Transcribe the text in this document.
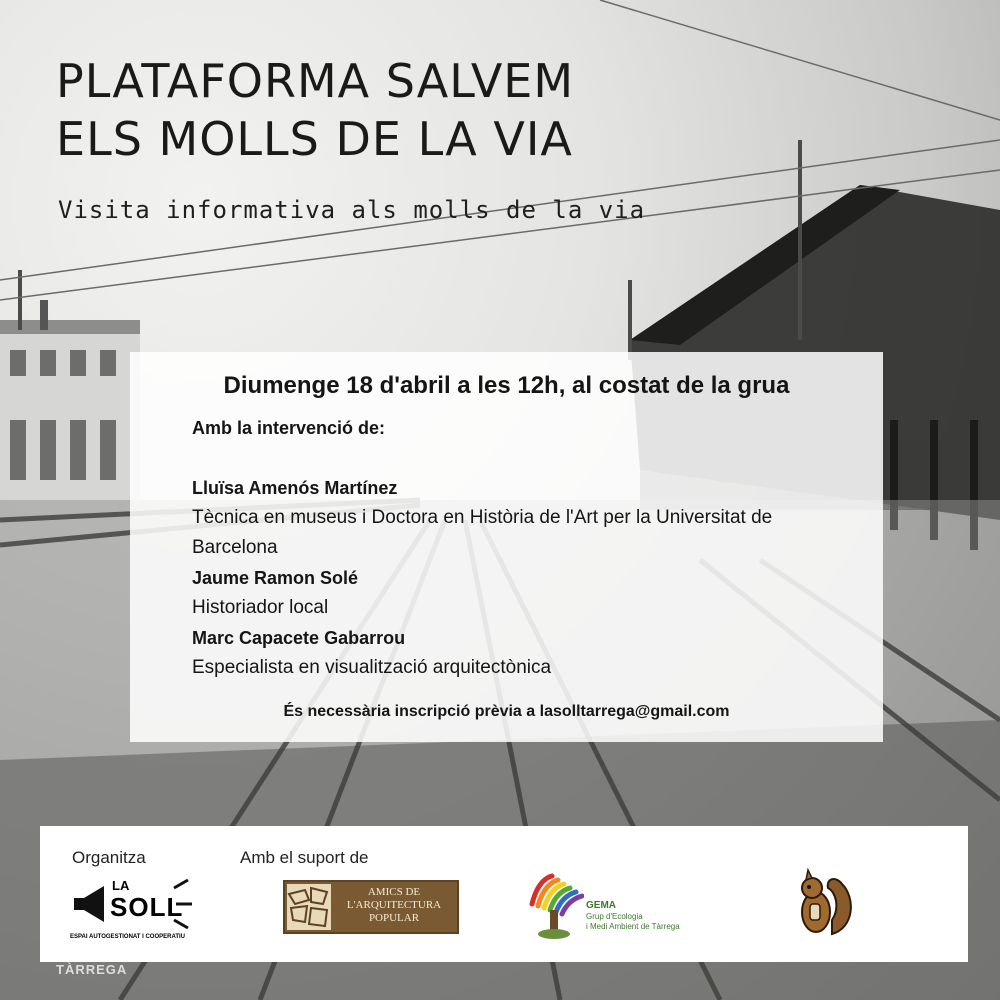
PLATAFORMA SALVEM
ELS MOLLS DE LA VIA

Visita informativa als molls de la via

Diumenge 18 d'abril a les 12h, al costat de la grua

Amb la intervenció de:

Lluïsa Amenós Martínez

Tècnica en museus i Doctora en Història de l'Art per la Universitat de Barcelona

Jaume Ramon Solé

Historiador local

Marc Capacete Gabarrou

Especialista en visualització arquitectònica

És necessària inscripció prèvia a lasolltarrega@gmail.com

Organitza	Amb el suport de
LA
SOLL
ESPAI AUTOGESTIONAT I COOPERATIU
AMICS DE
L'ARQUITECTURA
POPULAR
GEMA
Grup d'Ecologia
i Medi Ambient de Tàrrega
RÀDIO
TÀRREGA
